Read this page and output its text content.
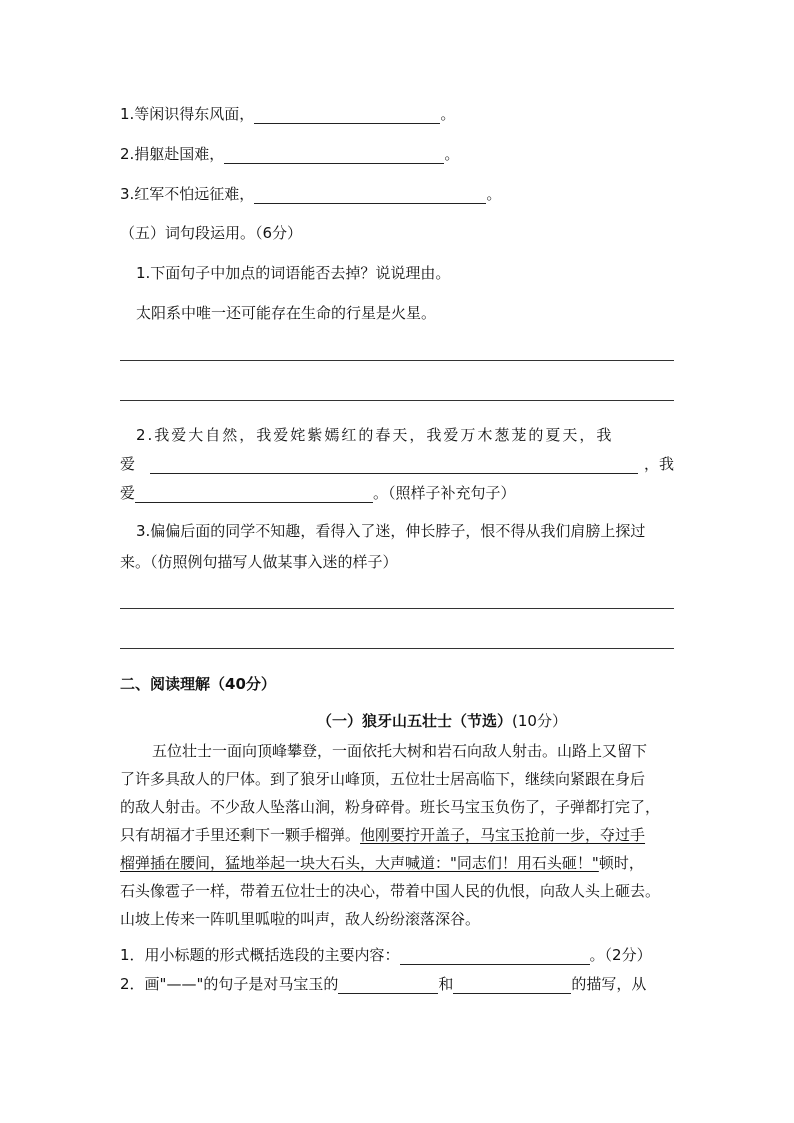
1.等闲识得东风面，	。
2.捐躯赴国难，	。
3.红军不怕远征难，	。
（五）词句段运用。（6分）
1.下面句子中加点的词语能否去掉？说说理由。
太阳系中唯一还可能存在生命的行星是火星。
2.我爱大自然，我爱姹紫嫣红的春天，我爱万木葱茏的夏天，我
爱	，我
爱	。（照样子补充句子）
3.偏偏后面的同学不知趣，看得入了迷，伸长脖子，恨不得从我们肩膀上探过
来。（仿照例句描写人做某事入迷的样子）
二、阅读理解（40分）
（一）狼牙山五壮士（节选）(10分）
五位壮士一面向顶峰攀登，一面依托大树和岩石向敌人射击。山路上又留下
了许多具敌人的尸体。到了狼牙山峰顶，五位壮士居高临下，继续向紧跟在身后
的敌人射击。不少敌人坠落山涧，粉身碎骨。班长马宝玉负伤了，子弹都打完了，
只有胡福才手里还剩下一颗手榴弹。他刚要拧开盖子，马宝玉抢前一步，夺过手
榴弹插在腰间，猛地举起一块大石头，大声喊道："同志们！用石头砸！"顿时，
石头像雹子一样，带着五位壮士的决心，带着中国人民的仇恨，向敌人头上砸去。
山坡上传来一阵叽里呱啦的叫声，敌人纷纷滚落深谷。
1．用小标题的形式概括选段的主要内容：	。（2分）
2．画"——"的句子是对马宝玉的	和	的描写，从
